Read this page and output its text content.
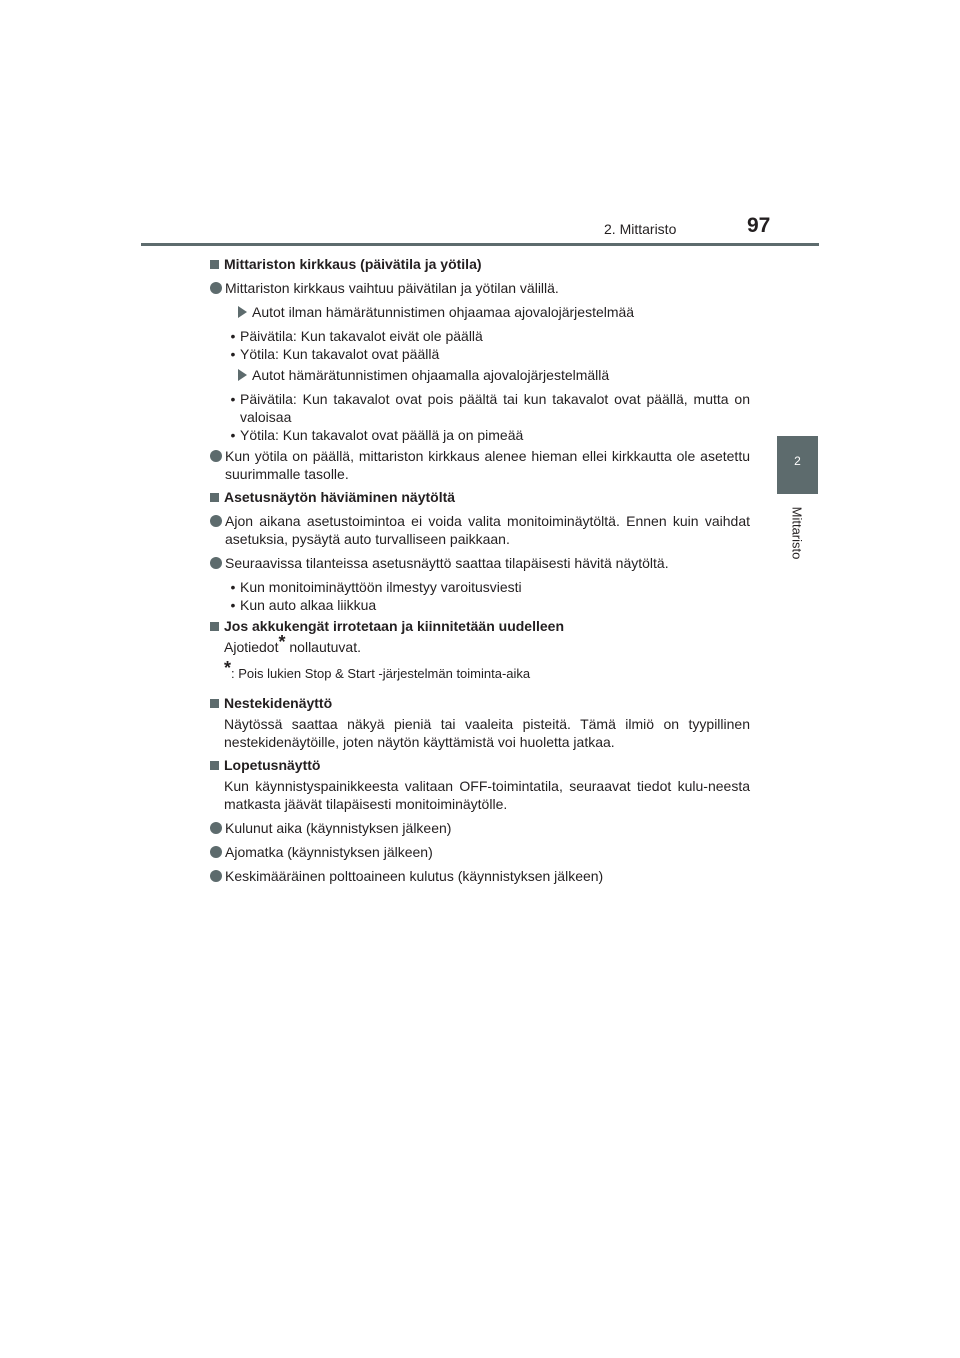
2. Mittaristo	97
2
Mittaristo
Mittariston kirkkaus (päivätila ja yötila)
Mittariston kirkkaus vaihtuu päivätilan ja yötilan välillä.
Autot ilman hämärätunnistimen ohjaamaa ajovalojärjestelmää
• Päivätila: Kun takavalot eivät ole päällä
• Yötila: Kun takavalot ovat päällä
Autot hämärätunnistimen ohjaamalla ajovalojärjestelmällä
• Päivätila: Kun takavalot ovat pois päältä tai kun takavalot ovat päällä, mutta on valoisaa
• Yötila: Kun takavalot ovat päällä ja on pimeää
Kun yötila on päällä, mittariston kirkkaus alenee hieman ellei kirkkautta ole asetettu suurimmalle tasolle.
Asetusnäytön häviäminen näytöltä
Ajon aikana asetustoimintoa ei voida valita monitoiminäytöltä. Ennen kuin vaihdat asetuksia, pysäytä auto turvalliseen paikkaan.
Seuraavissa tilanteissa asetusnäyttö saattaa tilapäisesti hävitä näytöltä.
• Kun monitoiminäyttöön ilmestyy varoitusviesti
• Kun auto alkaa liikkua
Jos akkukengät irrotetaan ja kiinnitetään uudelleen
Ajotiedot* nollautuvat.
*: Pois lukien Stop & Start -järjestelmän toiminta-aika
Nestekidenäyttö
Näytössä saattaa näkyä pieniä tai vaaleita pisteitä. Tämä ilmiö on tyypillinen nestekidenäytöille, joten näytön käyttämistä voi huoletta jatkaa.
Lopetusnäyttö
Kun käynnistyspainikkeesta valitaan OFF-toimintatila, seuraavat tiedot kulu-neesta matkasta jäävät tilapäisesti monitoiminäytölle.
Kulunut aika (käynnistyksen jälkeen)
Ajomatka (käynnistyksen jälkeen)
Keskimääräinen polttoaineen kulutus (käynnistyksen jälkeen)
